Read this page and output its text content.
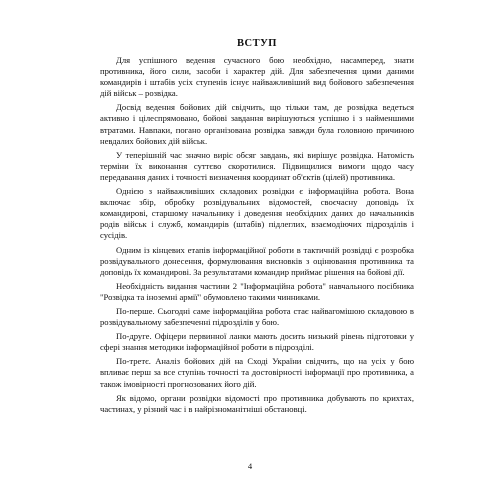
ВСТУП

Для успішного ведення сучасного бою необхідно, насамперед, знати противника, його сили, засоби і характер дій. Для забезпечення цими даними командирів і штабів усіх ступенів існує найважливіший вид бойового забезпечення дій військ – розвідка.

Досвід ведення бойових дій свідчить, що тільки там, де розвідка ведеться активно і цілеспрямовано, бойові завдання вирішуються успішно і з найменшими втратами. Навпаки, погано організована розвідка завжди була головною причиною невдалих бойових дій військ.

У теперішній час значно виріс обсяг завдань, які вирішує розвідка. Натомість терміни їх виконання суттєво скоротилися. Підвищилися вимоги щодо часу передавання даних і точності визначення координат об'єктів (цілей) противника.

Однією з найважливіших складових розвідки є інформаційна робота. Вона включає збір, обробку розвідувальних відомостей, своєчасну доповідь їх командирові, старшому начальнику і доведення необхідних даних до начальників родів військ і служб, командирів (штабів) підлеглих, взаємодіючих підрозділів і сусідів.

Одним із кінцевих етапів інформаційної роботи в тактичній розвідці є розробка розвідувального донесення, формулювання висновків з оцінювання противника та доповідь їх командирові. За результатами командир приймає рішення на бойові дії.

Необхідність видання частини 2 "Інформаційна робота" навчального посібника "Розвідка та іноземні армії" обумовлено такими чинниками.

По-перше. Сьогодні саме інформаційна робота стає найвагомішою складовою в розвідувальному забезпеченні підрозділів у бою.

По-друге. Офіцери первинної ланки мають досить низький рівень підготовки у сфері знання методики інформаційної роботи в підрозділі.

По-третє. Аналіз бойових дій на Сході України свідчить, що на усіх у бою впливає перш за все ступінь точності та достовірності інформації про противника, а також імовірності прогнозованих його дій.

Як відомо, органи розвідки відомості про противника добувають по крихтах, частинах, у різний час і в найрізноманітніші обстановці.

4
